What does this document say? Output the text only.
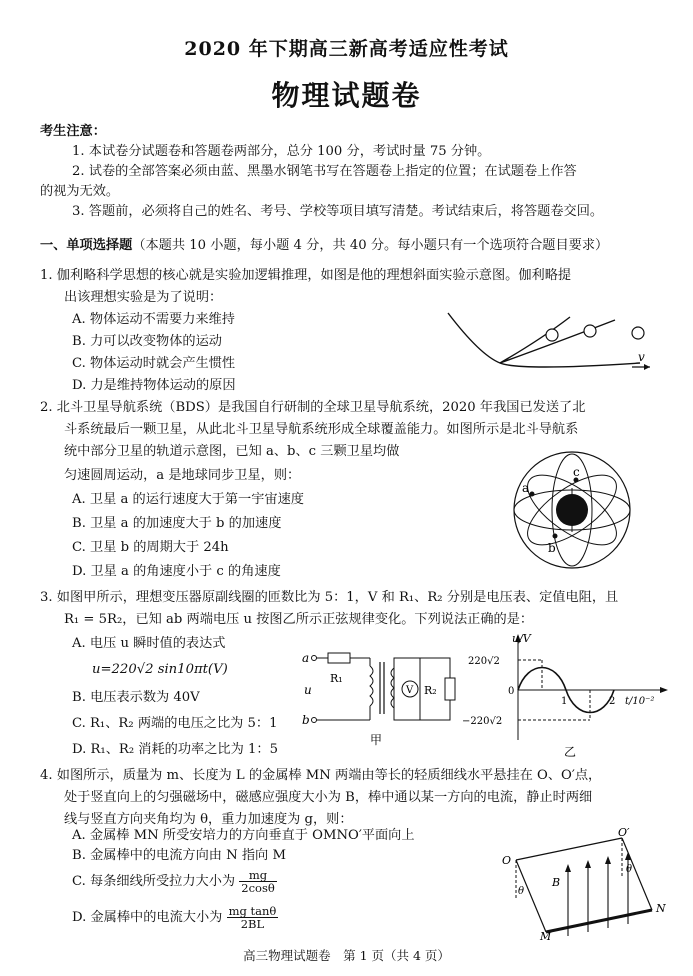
2020 年下期高三新高考适应性考试
物理试题卷
考生注意：
1. 本试卷分试题卷和答题卷两部分，总分 100 分，考试时量 75 分钟。
2. 试卷的全部答案必须由蓝、黑墨水钢笔书写在答题卷上指定的位置；在试题卷上作答
的视为无效。
3. 答题前，必须将自己的姓名、考号、学校等项目填写清楚。考试结束后，将答题卷交回。
一、单项选择题（本题共 10 小题，每小题 4 分，共 40 分。每小题只有一个选项符合题目要求）
1. 伽利略科学思想的核心就是实验加逻辑推理，如图是他的理想斜面实验示意图。伽利略提
出该理想实验是为了说明：
A. 物体运动不需要力来维持
B. 力可以改变物体的运动
C. 物体运动时就会产生惯性
D. 力是维持物体运动的原因
v
2. 北斗卫星导航系统（BDS）是我国自行研制的全球卫星导航系统，2020 年我国已发送了北
斗系统最后一颗卫星，从此北斗卫星导航系统形成全球覆盖能力。如图所示是北斗导航系
统中部分卫星的轨道示意图，已知 a、b、c 三颗卫星均做
匀速圆周运动，a 是地球同步卫星，则：
A. 卫星 a 的运行速度大于第一宇宙速度
B. 卫星 a 的加速度大于 b 的加速度
C. 卫星 b 的周期大于 24h
D. 卫星 a 的角速度小于 c 的角速度
a
b
c
3. 如图甲所示，理想变压器原副线圈的匝数比为 5：1，V 和 R₁、R₂ 分别是电压表、定值电阻，且
R₁ = 5R₂，已知 ab 两端电压 u 按图乙所示正弦规律变化。下列说法正确的是：
A. 电压 u 瞬时值的表达式
u=220√2 sin10πt(V)
B. 电压表示数为 40V
C. R₁、R₂ 两端的电压之比为 5：1
D. R₁、R₂ 消耗的功率之比为 1：5
a
b
u
R₁
V R₂
甲
u/V
220√2
−220√2
0
1	2 t/10⁻²
乙
4. 如图所示，质量为 m、长度为 L 的金属棒 MN 两端由等长的轻质细线水平悬挂在 O、O′点，
处于竖直向上的匀强磁场中，磁感应强度大小为 B，棒中通以某一方向的电流，静止时两细
线与竖直方向夹角均为 θ，重力加速度为 g，则：
A. 金属棒 MN 所受安培力的方向垂直于 OMNO′平面向上
B. 金属棒中的电流方向由 N 指向 M
C. 每条细线所受拉力大小为 $\frac{mg}{2\cos\theta}$
D. 金属棒中的电流大小为 $\frac{\text{mg tanθ}}{2BL}$
O
O′
B
M
N
θ
θ
高三物理试题卷　第 1 页（共 4 页）
